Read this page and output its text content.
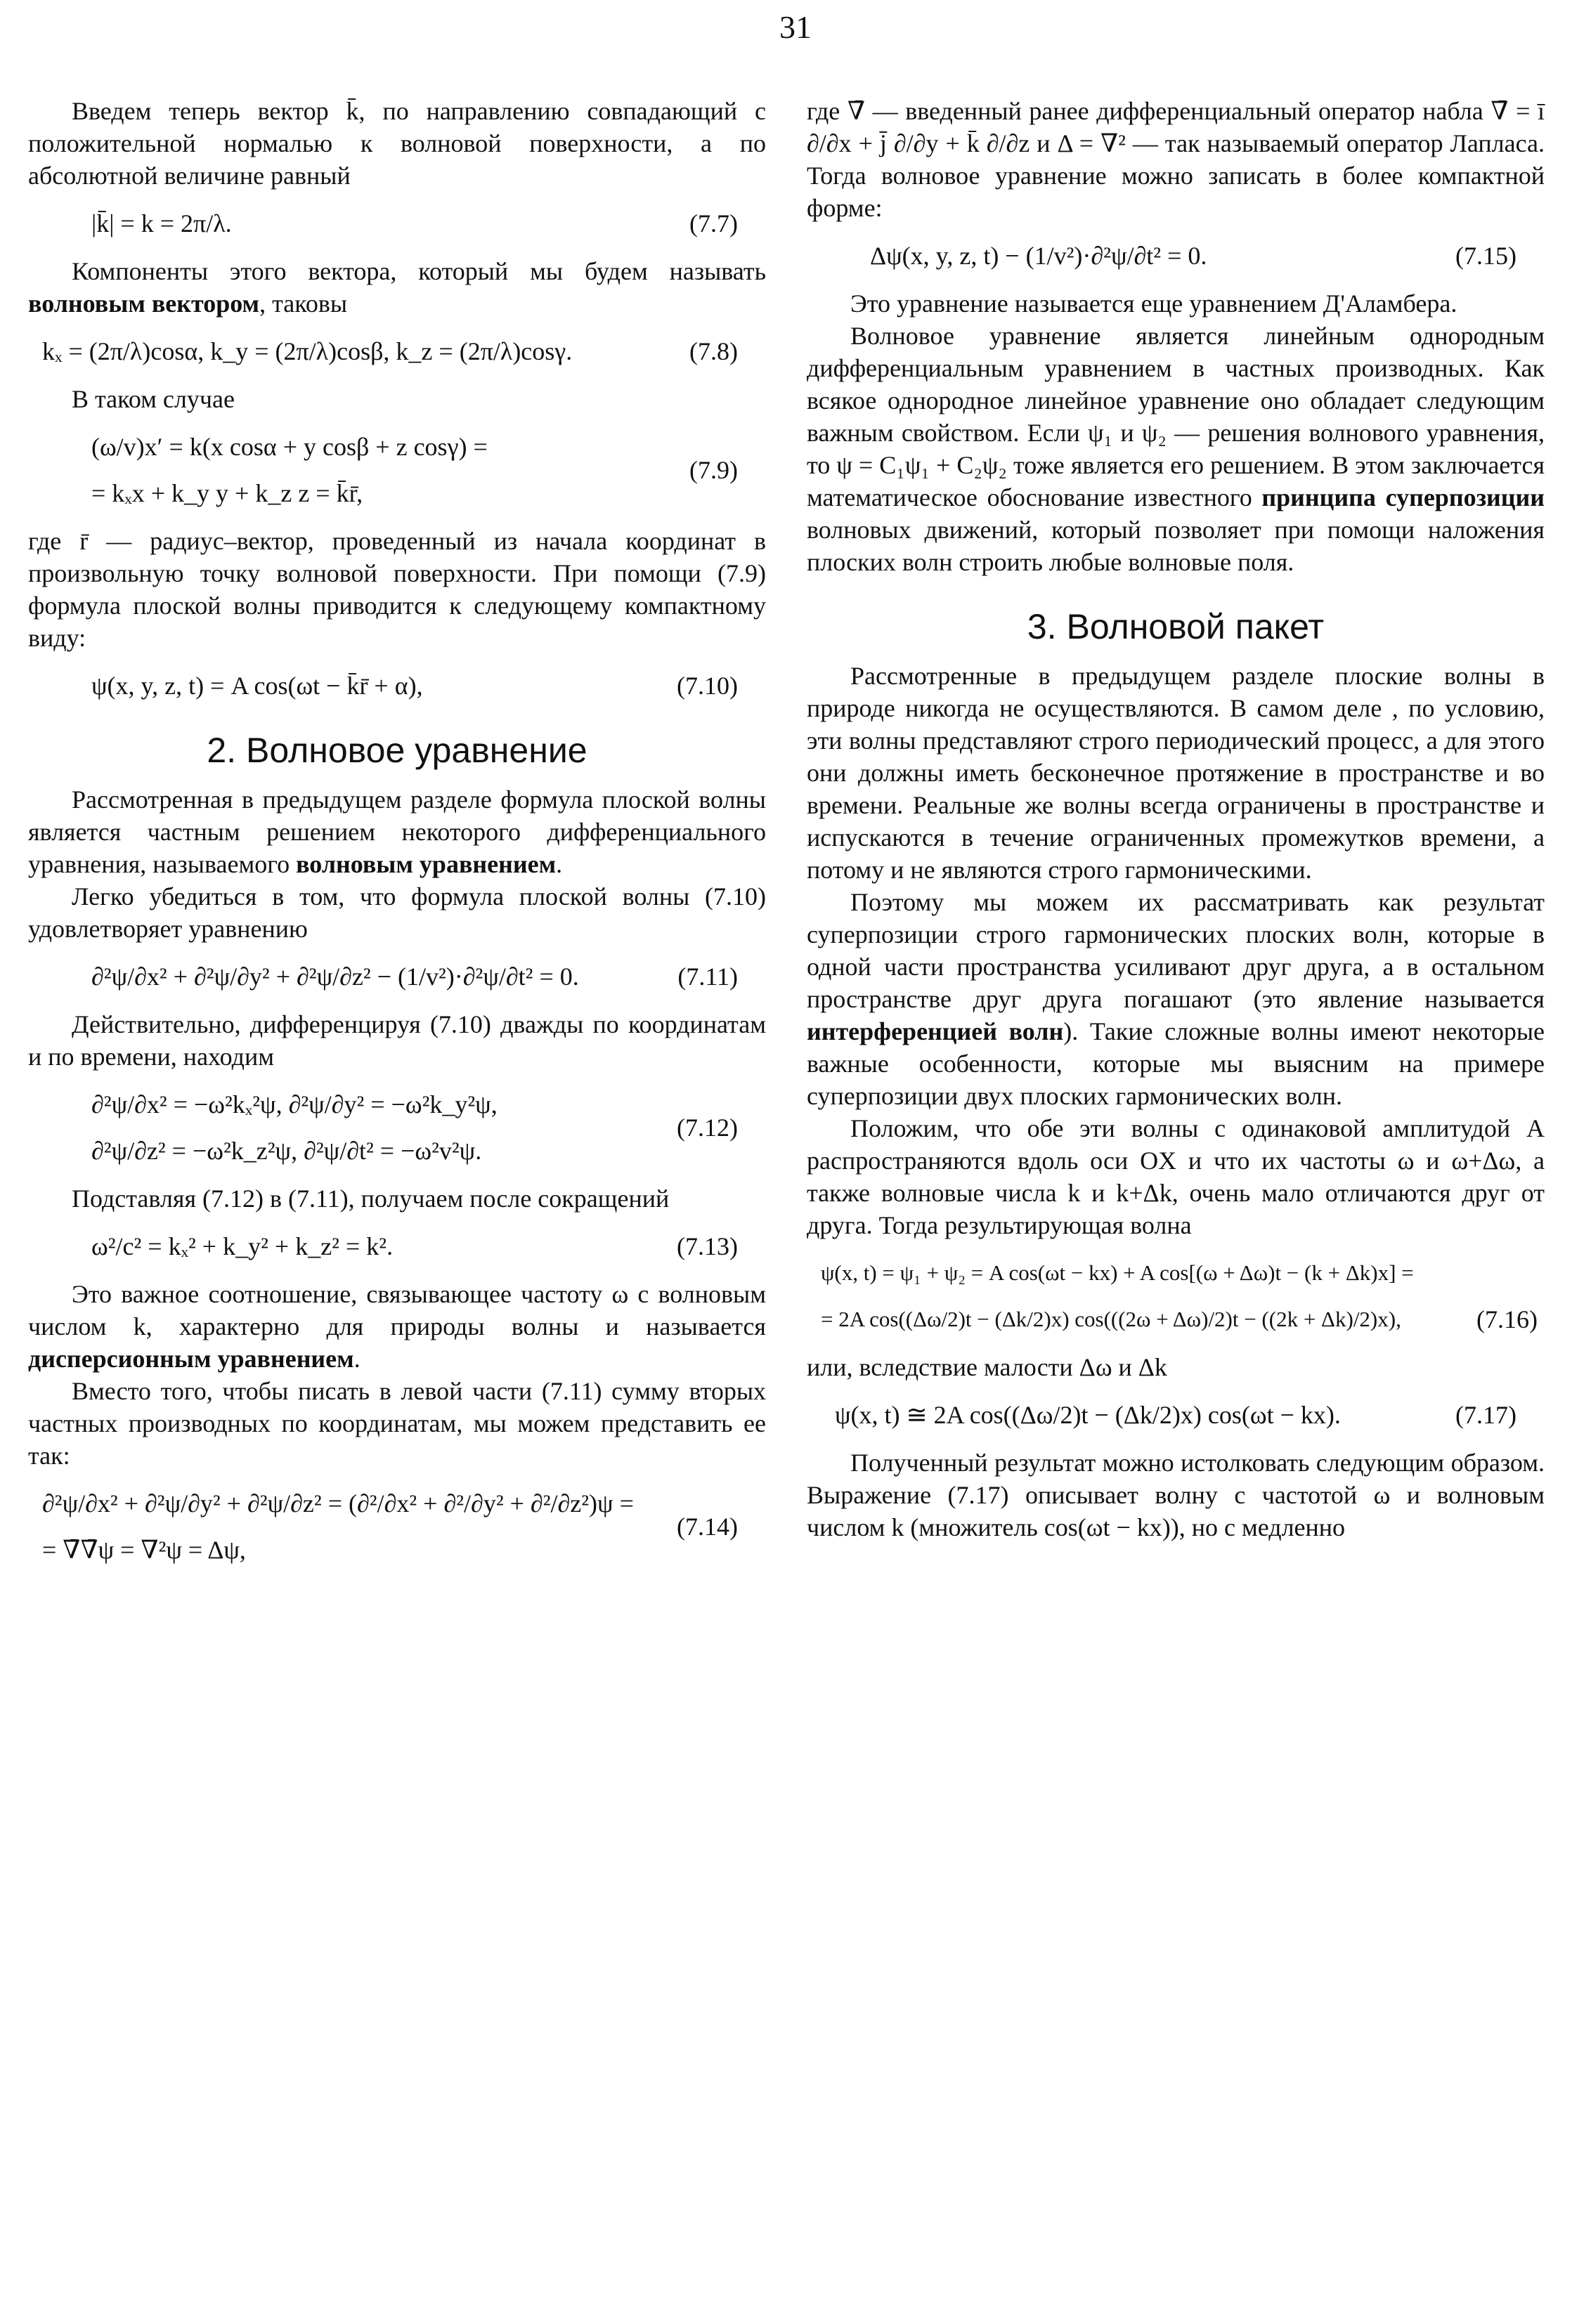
31

Введем теперь вектор k̄, по направлению совпадающий с положительной нормалью к волновой поверхности, а по абсолютной величине равный

|k̄| = k = 2π/λ.	(7.7)

Компоненты этого вектора, который мы будем называть волновым вектором, таковы

kₓ = (2π/λ)cosα, k_y = (2π/λ)cosβ, k_z = (2π/λ)cosγ.	(7.8)

В таком случае

(ω/v)x′ = k(x cosα + y cosβ + z cosγ) =
= kₓx + k_y y + k_z z = k̄r̄,
(7.9)

где r̄ — радиус–вектор, проведенный из начала координат в произвольную точку волновой поверхности. При помощи (7.9) формула плоской волны приводится к следующему компактному виду:

ψ(x, y, z, t) = A cos(ωt − k̄r̄ + α),	(7.10)
2. Волновое уравнение

Рассмотренная в предыдущем разделе формула плоской волны является частным решением некоторого дифференциального уравнения, называемого волновым уравнением.

Легко убедиться в том, что формула плоской волны (7.10) удовлетворяет уравнению

∂²ψ/∂x² + ∂²ψ/∂y² + ∂²ψ/∂z² − (1/v²)·∂²ψ/∂t² = 0.	(7.11)

Действительно, дифференцируя (7.10) дважды по координатам и по времени, находим

∂²ψ/∂x² = −ω²kₓ²ψ, ∂²ψ/∂y² = −ω²k_y²ψ,
∂²ψ/∂z² = −ω²k_z²ψ, ∂²ψ/∂t² = −ω²v²ψ.
(7.12)

Подставляя (7.12) в (7.11), получаем после сокращений

ω²/c² = kₓ² + k_y² + k_z² = k².	(7.13)

Это важное соотношение, связывающее частоту ω с волновым числом k, характерно для природы волны и называется дисперсионным уравнением.

Вместо того, чтобы писать в левой части (7.11) сумму вторых частных производных по координатам, мы можем представить ее так:

∂²ψ/∂x² + ∂²ψ/∂y² + ∂²ψ/∂z² = (∂²/∂x² + ∂²/∂y² + ∂²/∂z²)ψ =
= ∇̄∇̄ψ = ∇²ψ = Δψ,
(7.14)

где ∇̄ — введенный ранее дифференциальный оператор набла ∇̄ = ī ∂/∂x + j̄ ∂/∂y + k̄ ∂/∂z и Δ = ∇² — так называемый оператор Лапласа. Тогда волновое уравнение можно записать в более компактной форме:

Δψ(x, y, z, t) − (1/v²)·∂²ψ/∂t² = 0.	(7.15)

Это уравнение называется еще уравнением Д'Аламбера.

Волновое уравнение является линейным однородным дифференциальным уравнением в частных производных. Как всякое однородное линейное уравнение оно обладает следующим важным свойством. Если ψ₁ и ψ₂ — решения волнового уравнения, то ψ = C₁ψ₁ + C₂ψ₂ тоже является его решением. В этом заключается математическое обоснование известного принципа суперпозиции волновых движений, который позволяет при помощи наложения плоских волн строить любые волновые поля.

3. Волновой пакет

Рассмотренные в предыдущем разделе плоские волны в природе никогда не осуществляются. В самом деле , по условию, эти волны представляют строго периодический процесс, а для этого они должны иметь бесконечное протяжение в пространстве и во времени. Реальные же волны всегда ограничены в пространстве и испускаются в течение ограниченных промежутков времени, а потому и не являются строго гармоническими.

Поэтому мы можем их рассматривать как результат суперпозиции строго гармонических плоских волн, которые в одной части пространства усиливают друг друга, а в остальном пространстве друг друга погашают (это явление называется интерференцией волн). Такие сложные волны имеют некоторые важные особенности, которые мы выясним на примере суперпозиции двух плоских гармонических волн.

Положим, что обе эти волны с одинаковой амплитудой A распространяются вдоль оси OX и что их частоты ω и ω+Δω, а также волновые числа k и k+Δk, очень мало отличаются друг от друга. Тогда результирующая волна

ψ(x, t) = ψ₁ + ψ₂ = A cos(ωt − kx) + A cos[(ω + Δω)t − (k + Δk)x] =
= 2A cos((Δω/2)t − (Δk/2)x) cos(((2ω + Δω)/2)t − ((2k + Δk)/2)x),	(7.16)

или, вследствие малости Δω и Δk

ψ(x, t) ≅ 2A cos((Δω/2)t − (Δk/2)x) cos(ωt − kx).	(7.17)

Полученный результат можно истолковать следующим образом. Выражение (7.17) описывает волну с частотой ω и волновым числом k (множитель cos(ωt − kx)), но с медленно
